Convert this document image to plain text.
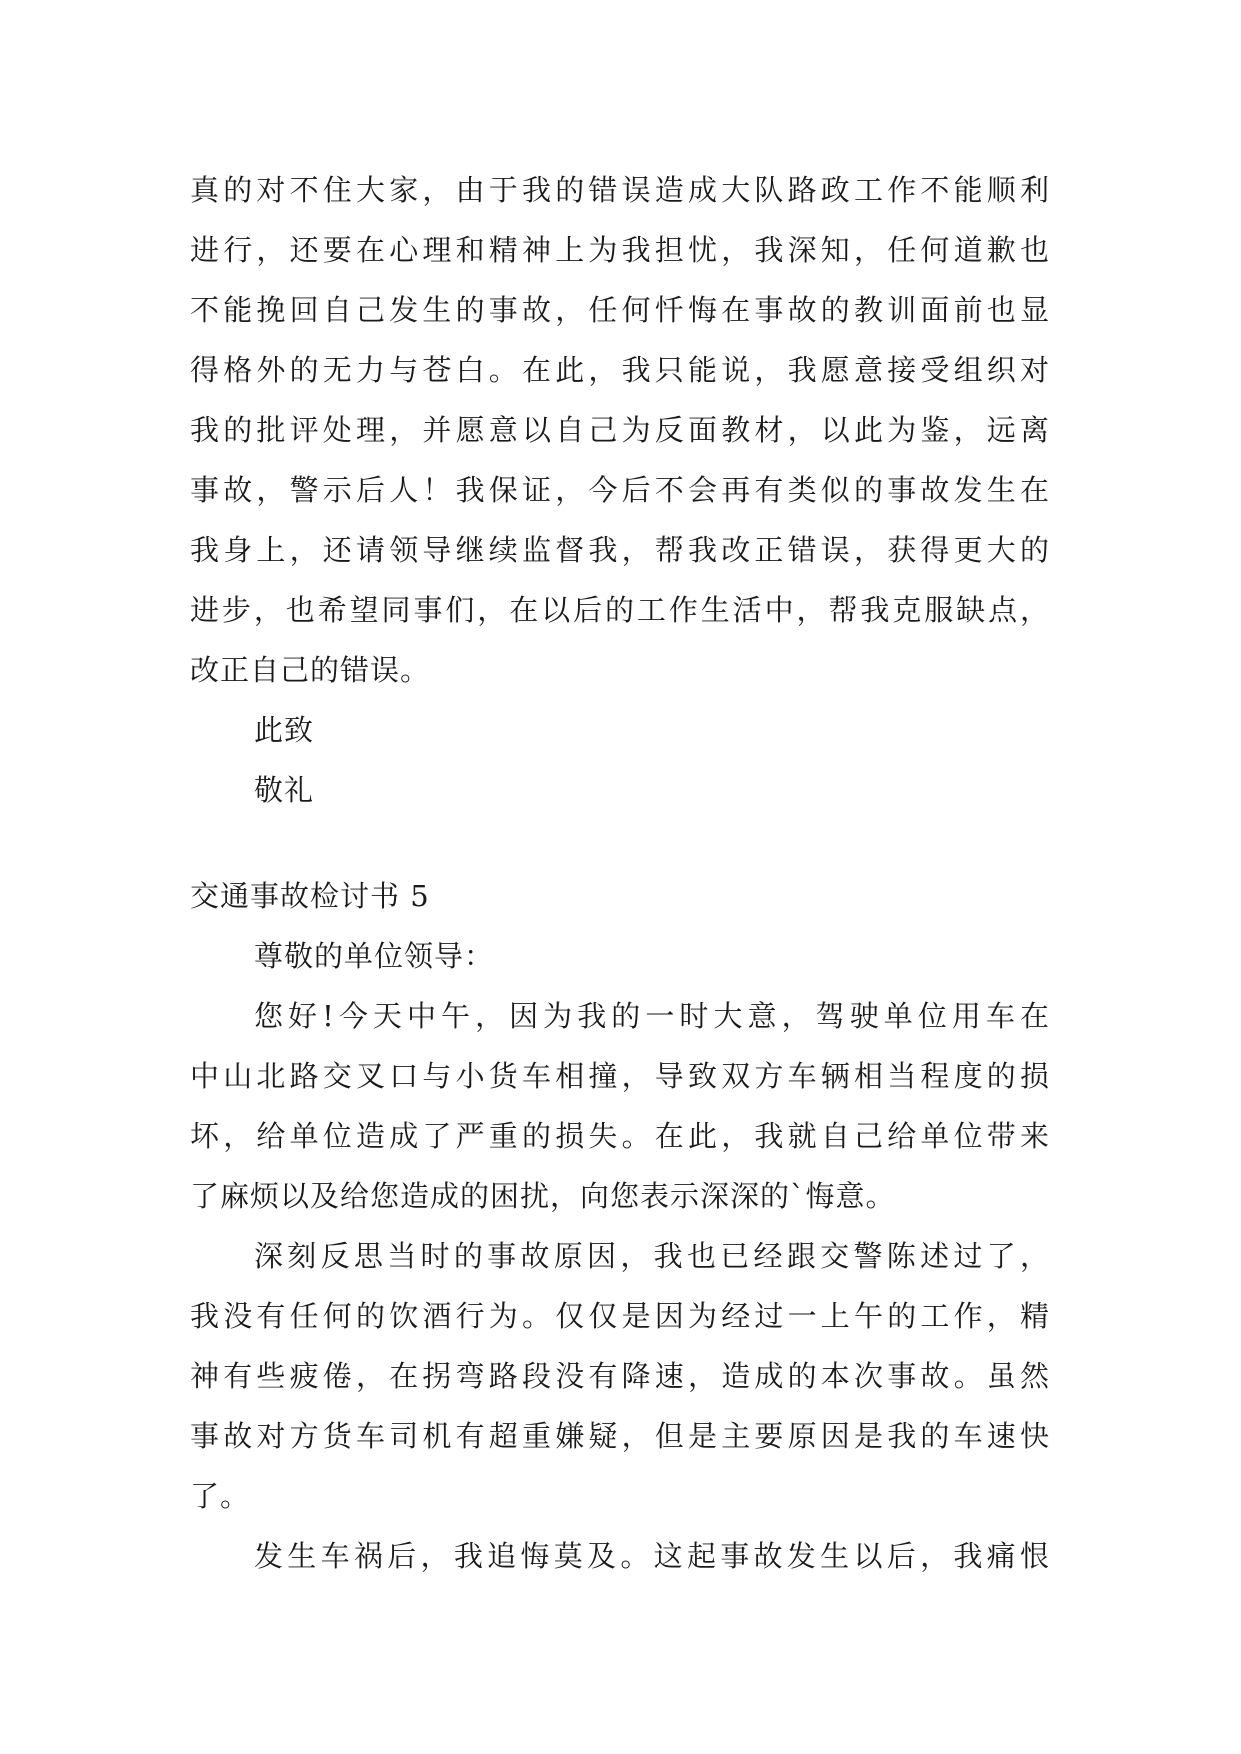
真的对不住大家，由于我的错误造成大队路政工作不能顺利
进行，还要在心理和精神上为我担忧，我深知，任何道歉也
不能挽回自己发生的事故，任何忏悔在事故的教训面前也显
得格外的无力与苍白。在此，我只能说，我愿意接受组织对
我的批评处理，并愿意以自己为反面教材，以此为鉴，远离
事故，警示后人！我保证，今后不会再有类似的事故发生在
我身上，还请领导继续监督我，帮我改正错误，获得更大的
进步，也希望同事们，在以后的工作生活中，帮我克服缺点，
改正自己的错误。
此致
敬礼
交通事故检讨书 5
尊敬的单位领导：
您好!今天中午，因为我的一时大意，驾驶单位用车在
中山北路交叉口与小货车相撞，导致双方车辆相当程度的损
坏，给单位造成了严重的损失。在此，我就自己给单位带来
了麻烦以及给您造成的困扰，向您表示深深的`悔意。
深刻反思当时的事故原因，我也已经跟交警陈述过了，
我没有任何的饮酒行为。仅仅是因为经过一上午的工作，精
神有些疲倦，在拐弯路段没有降速，造成的本次事故。虽然
事故对方货车司机有超重嫌疑，但是主要原因是我的车速快
了。
发生车祸后，我追悔莫及。这起事故发生以后，我痛恨
